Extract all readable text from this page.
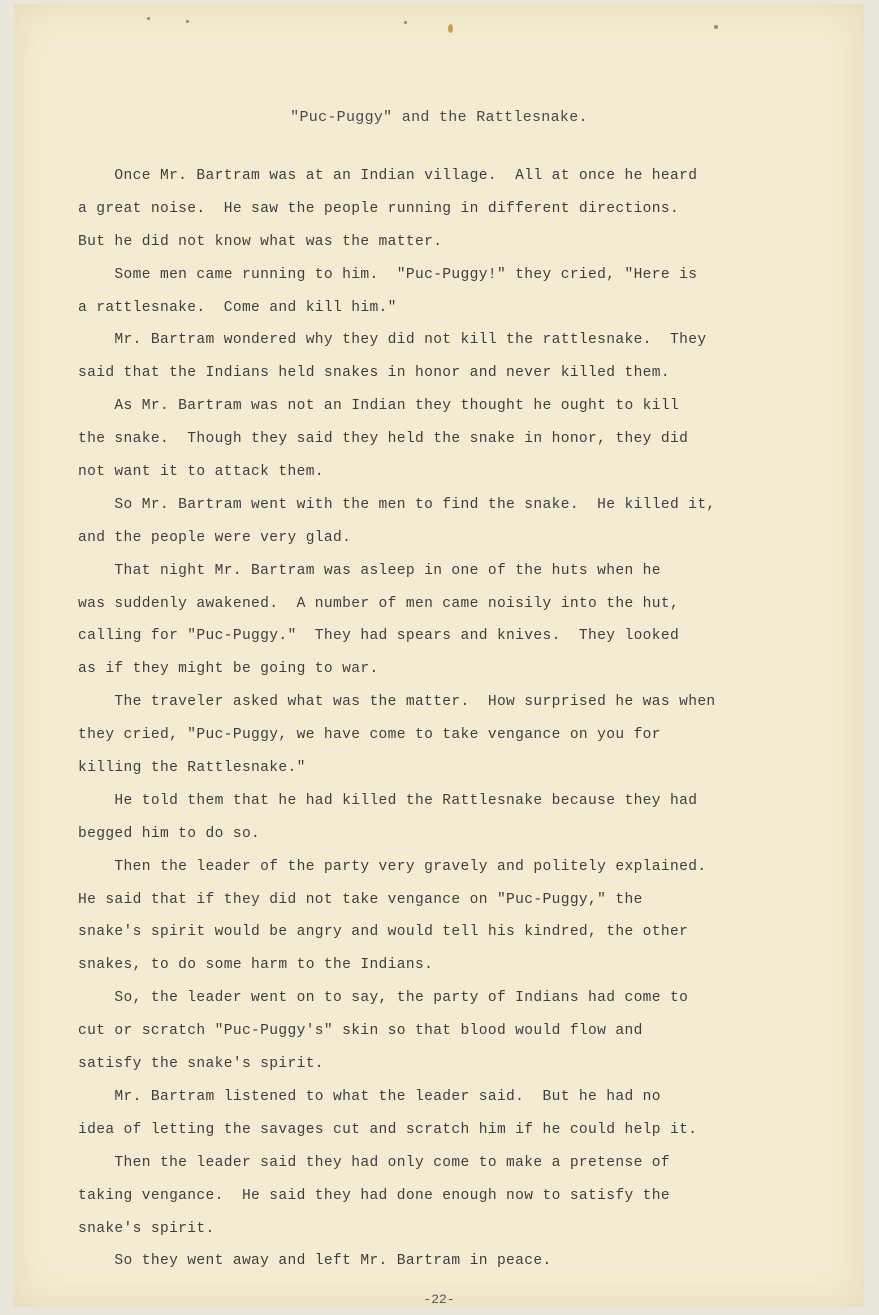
"Puc-Puggy" and the Rattlesnake.
Once Mr. Bartram was at an Indian village.  All at once he heard
a great noise.  He saw the people running in different directions.
But he did not know what was the matter.
Some men came running to him.  "Puc-Puggy!" they cried, "Here is
a rattlesnake.  Come and kill him."
Mr. Bartram wondered why they did not kill the rattlesnake.  They
said that the Indians held snakes in honor and never killed them.
As Mr. Bartram was not an Indian they thought he ought to kill
the snake.  Though they said they held the snake in honor, they did
not want it to attack them.
So Mr. Bartram went with the men to find the snake.  He killed it,
and the people were very glad.
That night Mr. Bartram was asleep in one of the huts when he
was suddenly awakened.  A number of men came noisily into the hut,
calling for "Puc-Puggy."  They had spears and knives.  They looked
as if they might be going to war.
The traveler asked what was the matter.  How surprised he was when
they cried, "Puc-Puggy, we have come to take vengance on you for
killing the Rattlesnake."
He told them that he had killed the Rattlesnake because they had
begged him to do so.
Then the leader of the party very gravely and politely explained.
He said that if they did not take vengance on "Puc-Puggy," the
snake's spirit would be angry and would tell his kindred, the other
snakes, to do some harm to the Indians.
So, the leader went on to say, the party of Indians had come to
cut or scratch "Puc-Puggy's" skin so that blood would flow and
satisfy the snake's spirit.
Mr. Bartram listened to what the leader said.  But he had no
idea of letting the savages cut and scratch him if he could help it.
Then the leader said they had only come to make a pretense of
taking vengance.  He said they had done enough now to satisfy the
snake's spirit.
So they went away and left Mr. Bartram in peace.
-22-
